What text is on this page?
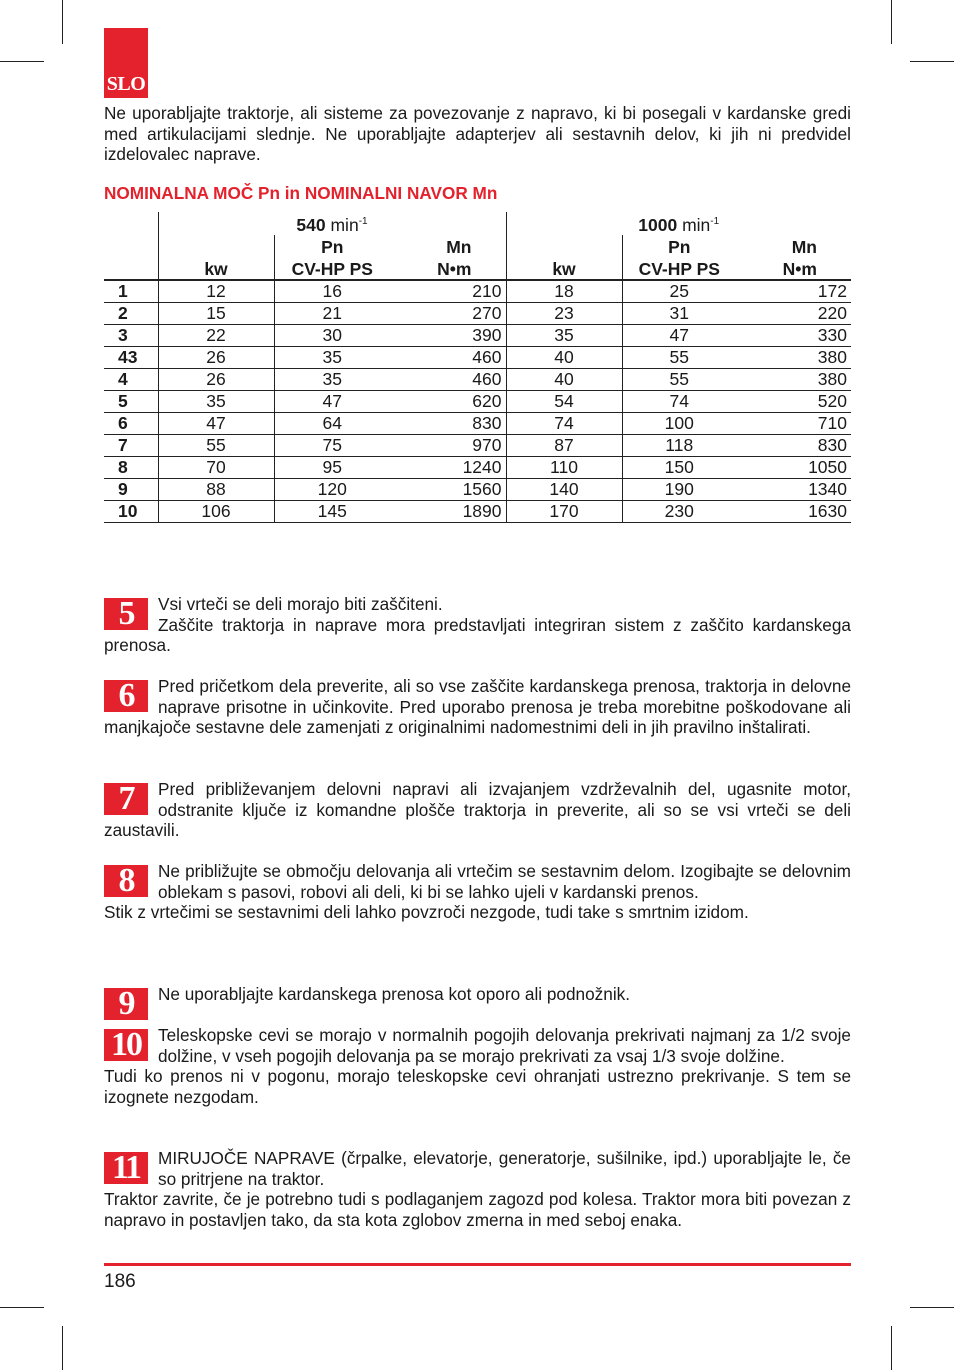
SLO

Ne uporabljajte traktorje, ali sisteme za povezovanje z napravo, ki bi posegali v kardanske gredi med artikulacijami slednje. Ne uporabljajte adapterjev ali sestavnih delov, ki jih ni predvidel izdelovalec naprave.

NOMINALNA MOČ Pn in NOMINALNI NAVOR Mn
	540 $\min^{-1}$			1000 $\min^{-1}$
		Pn	Mn		Pn	Mn
	kw	CV-HP PS	N•m	kw	CV-HP PS	N•m
1	12	16	210	18	25	172
2	15	21	270	23	31	220
3	22	30	390	35	47	330
43	26	35	460	40	55	380
4	26	35	460	40	55	380
5	35	47	620	54	74	520
6	47	64	830	74	100	710
7	55	75	970	87	118	830
8	70	95	1240	110	150	1050
9	88	120	1560	140	190	1340
10	106	145	1890	170	230	1630
5	Vsi vrteči se deli morajo biti zaščiteni.

Zaščite traktorja in naprave mora predstavljati integriran sistem z zaščito kardanskega prenosa.

6	Pred pričetkom dela preverite, ali so vse zaščite kardanskega prenosa, traktorja in delovne naprave prisotne in učinkovite. Pred uporabo prenosa je treba morebitne poškodovane ali manjkajoče sestavne dele zamenjati z originalnimi nadomestnimi deli in jih pravilno inštalirati.

7	Pred približevanjem delovni napravi ali izvajanjem vzdrževalnih del, ugasnite motor, odstranite ključe iz komandne plošče traktorja in preverite, ali so se vsi vrteči se deli zaustavili.

8	Ne približujte se območju delovanja ali vrtečim se sestavnim delom. Izogibajte se delovnim oblekam s pasovi, robovi ali deli, ki bi se lahko ujeli v kardanski prenos.

Stik z vrtečimi se sestavnimi deli lahko povzroči nezgode, tudi take s smrtnim izidom.

9	Ne uporabljajte kardanskega prenosa kot oporo ali podnožnik.

10 Teleskopske cevi se morajo v normalnih pogojih delovanja prekrivati najmanj za 1/2 svoje dolžine, v vseh pogojih delovanja pa se morajo prekrivati za vsaj 1/3 svoje dolžine.

Tudi ko prenos ni v pogonu, morajo teleskopske cevi ohranjati ustrezno prekrivanje. S tem se izognete nezgodam.

11	MIRUJOČE NAPRAVE (črpalke, elevatorje, generatorje, sušilnike, ipd.) uporabljajte le, če so pritrjene na traktor.

Traktor zavrite, če je potrebno tudi s podlaganjem zagozd pod kolesa. Traktor mora biti povezan z napravo in postavljen tako, da sta kota zglobov zmerna in med seboj enaka.

186
